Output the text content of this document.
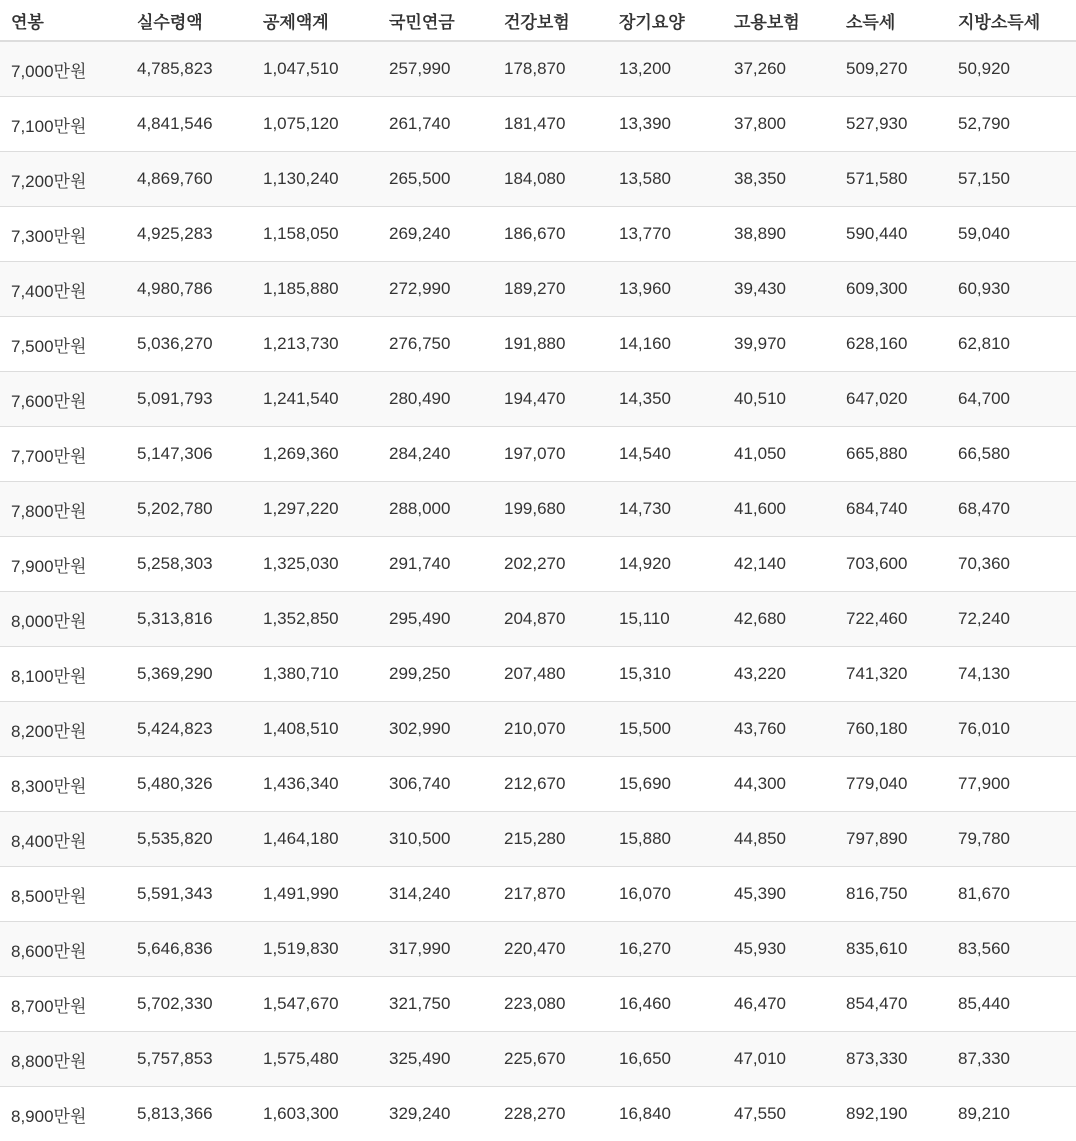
연봉	실수령액	공제액계	국민연금	건강보험	장기요양	고용보험	소득세	지방소득세
7,000만원	4,785,823	1,047,510	257,990	178,870	13,200	37,260	509,270	50,920
7,100만원	4,841,546	1,075,120	261,740	181,470	13,390	37,800	527,930	52,790
7,200만원	4,869,760	1,130,240	265,500	184,080	13,580	38,350	571,580	57,150
7,300만원	4,925,283	1,158,050	269,240	186,670	13,770	38,890	590,440	59,040
7,400만원	4,980,786	1,185,880	272,990	189,270	13,960	39,430	609,300	60,930
7,500만원	5,036,270	1,213,730	276,750	191,880	14,160	39,970	628,160	62,810
7,600만원	5,091,793	1,241,540	280,490	194,470	14,350	40,510	647,020	64,700
7,700만원	5,147,306	1,269,360	284,240	197,070	14,540	41,050	665,880	66,580
7,800만원	5,202,780	1,297,220	288,000	199,680	14,730	41,600	684,740	68,470
7,900만원	5,258,303	1,325,030	291,740	202,270	14,920	42,140	703,600	70,360
8,000만원	5,313,816	1,352,850	295,490	204,870	15,110	42,680	722,460	72,240
8,100만원	5,369,290	1,380,710	299,250	207,480	15,310	43,220	741,320	74,130
8,200만원	5,424,823	1,408,510	302,990	210,070	15,500	43,760	760,180	76,010
8,300만원	5,480,326	1,436,340	306,740	212,670	15,690	44,300	779,040	77,900
8,400만원	5,535,820	1,464,180	310,500	215,280	15,880	44,850	797,890	79,780
8,500만원	5,591,343	1,491,990	314,240	217,870	16,070	45,390	816,750	81,670
8,600만원	5,646,836	1,519,830	317,990	220,470	16,270	45,930	835,610	83,560
8,700만원	5,702,330	1,547,670	321,750	223,080	16,460	46,470	854,470	85,440
8,800만원	5,757,853	1,575,480	325,490	225,670	16,650	47,010	873,330	87,330
8,900만원	5,813,366	1,603,300	329,240	228,270	16,840	47,550	892,190	89,210
